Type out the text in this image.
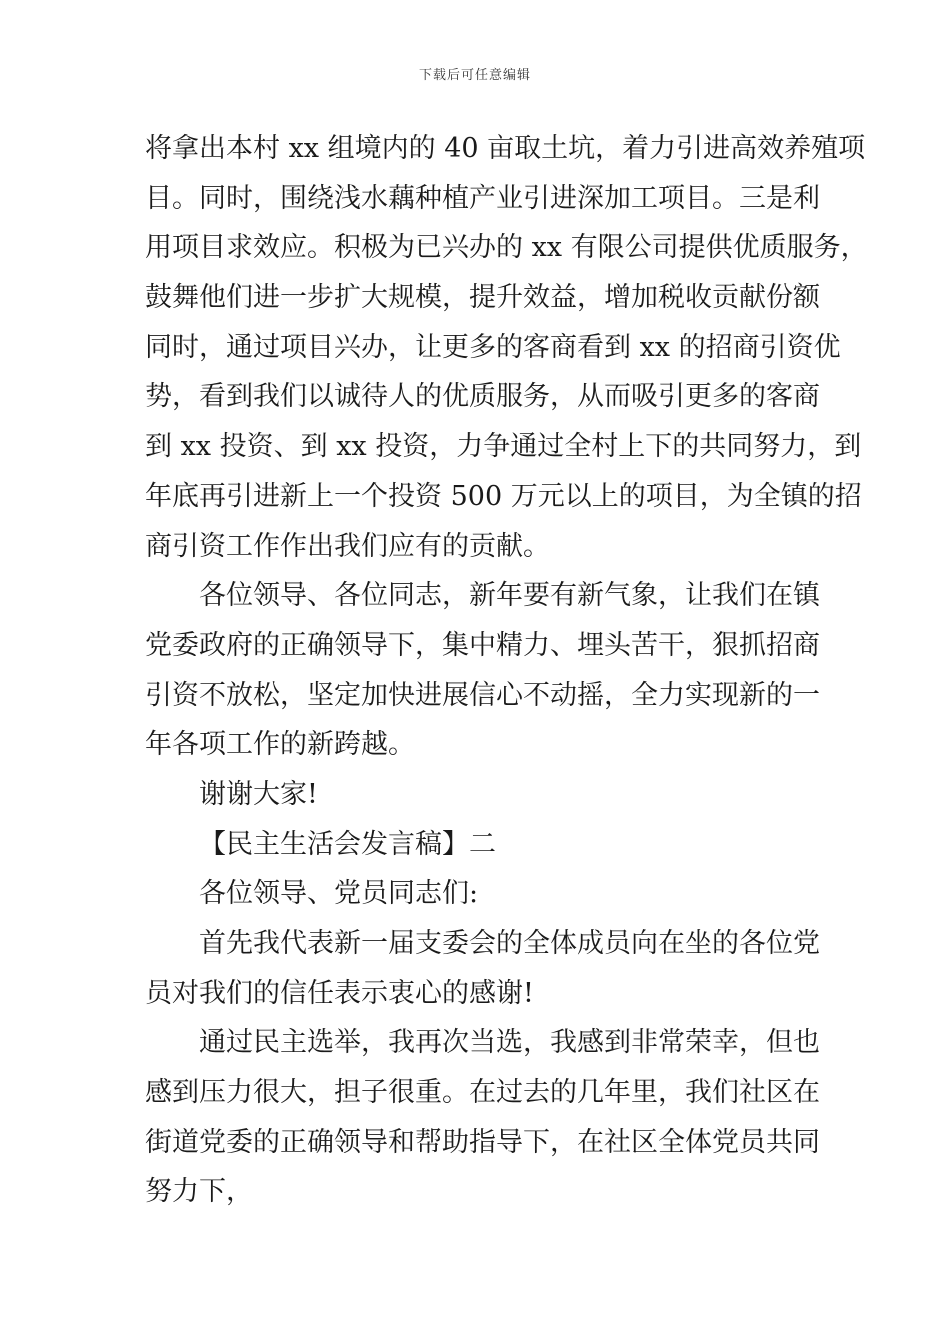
下载后可任意编辑
将拿出本村 xx 组境内的 40 亩取土坑，着力引进高效养殖项
目。同时，围绕浅水藕种植产业引进深加工项目。三是利
用项目求效应。积极为已兴办的 xx 有限公司提供优质服务，
鼓舞他们进一步扩大规模，提升效益，增加税收贡献份额
同时，通过项目兴办，让更多的客商看到 xx 的招商引资优
势，看到我们以诚待人的优质服务，从而吸引更多的客商
到 xx 投资、到 xx 投资，力争通过全村上下的共同努力，到
年底再引进新上一个投资 500 万元以上的项目，为全镇的招
商引资工作作出我们应有的贡献。
各位领导、各位同志，新年要有新气象，让我们在镇
党委政府的正确领导下，集中精力、埋头苦干，狠抓招商
引资不放松，坚定加快进展信心不动摇，全力实现新的一
年各项工作的新跨越。
谢谢大家!
【民主生活会发言稿】二
各位领导、党员同志们:
首先我代表新一届支委会的全体成员向在坐的各位党
员对我们的信任表示衷心的感谢!
通过民主选举，我再次当选，我感到非常荣幸，但也
感到压力很大，担子很重。在过去的几年里，我们社区在
街道党委的正确领导和帮助指导下，在社区全体党员共同
努力下，
